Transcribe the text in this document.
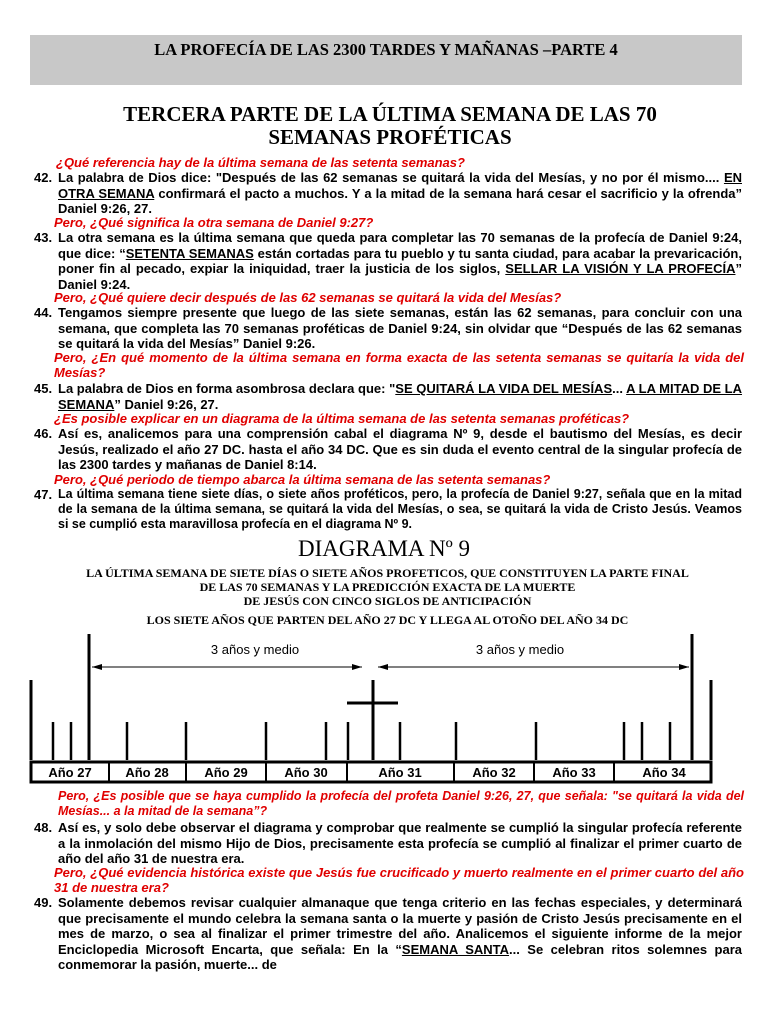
LA PROFECÍA DE LAS 2300 TARDES Y MAÑANAS –PARTE 4
TERCERA PARTE DE LA ÚLTIMA SEMANA DE LAS 70
SEMANAS PROFÉTICAS
¿Qué referencia hay de la última semana de las setenta semanas?
42. La palabra de Dios dice: "Después de las 62 semanas se quitará la vida del Mesías, y no por él mismo.... EN OTRA SEMANA confirmará el pacto a muchos. Y a la mitad de la semana hará cesar el sacrificio y la ofrenda” Daniel 9:26, 27.
Pero, ¿Qué significa la otra semana de Daniel 9:27?
43. La otra semana es la última semana que queda para completar las 70 semanas de la profecía de Daniel 9:24, que dice: “SETENTA SEMANAS están cortadas para tu pueblo y tu santa ciudad, para acabar la prevaricación, poner fin al pecado, expiar la iniquidad, traer la justicia de los siglos, SELLAR LA VISIÓN Y LA PROFECÍA” Daniel 9:24.
Pero, ¿Qué quiere decir después de las 62 semanas se quitará la vida del Mesías?
44. Tengamos siempre presente que luego de las siete semanas, están las 62 semanas, para concluir con una semana, que completa las 70 semanas proféticas de Daniel 9:24, sin olvidar que “Después de las 62 semanas se quitará la vida del Mesías” Daniel 9:26.
Pero, ¿En qué momento de la última semana en forma exacta de las setenta semanas se quitaría la vida del Mesías?
45. La palabra de Dios en forma asombrosa declara que: "SE QUITARÁ LA VIDA DEL MESÍAS... A LA MITAD DE LA SEMANA” Daniel 9:26, 27.
¿Es posible explicar en un diagrama de la última semana de las setenta semanas proféticas?
46. Así es, analicemos para una comprensión cabal el diagrama Nº 9, desde el bautismo del Mesías, es decir Jesús, realizado el año 27 DC. hasta el año 34 DC. Que es sin duda el evento central de la singular profecía de las 2300 tardes y mañanas de Daniel 8:14.
Pero, ¿Qué periodo de tiempo abarca la última semana de las setenta semanas?
47. La última semana tiene siete días, o siete años proféticos, pero, la profecía de Daniel 9:27, señala que en la mitad de la semana de la última semana, se quitará la vida del Mesías, o sea, se quitará la vida de Cristo Jesús. Veamos si se cumplió esta maravillosa profecía en el diagrama Nº 9.
DIAGRAMA Nº 9
LA ÚLTIMA SEMANA DE SIETE DÍAS O SIETE AÑOS PROFETICOS, QUE CONSTITUYEN LA PARTE FINAL
DE LAS 70 SEMANAS Y LA PREDICCIÓN EXACTA DE LA MUERTE
DE JESÚS CON CINCO SIGLOS DE ANTICIPACIÓN
LOS SIETE AÑOS QUE PARTEN DEL AÑO 27 DC Y LLEGA AL OTOÑO DEL AÑO 34 DC
3 años y medio	3 años y medio
Año 27	Año 28	Año 29	Año 30	Año 31	Año 32	Año 33	Año 34
Pero, ¿Es posible que se haya cumplido la profecía del profeta Daniel 9:26, 27, que señala: "se quitará la vida del Mesías... a la mitad de la semana”?
48. Así es, y solo debe observar el diagrama y comprobar que realmente se cumplió la singular profecía referente a la inmolación del mismo Hijo de Dios, precisamente esta profecía se cumplió al finalizar el primer cuarto de año del año 31 de nuestra era.
Pero, ¿Qué evidencia histórica existe que Jesús fue crucificado y muerto realmente en el primer cuarto del año 31 de nuestra era?
49. Solamente debemos revisar cualquier almanaque que tenga criterio en las fechas especiales, y determinará que precisamente el mundo celebra la semana santa o la muerte y pasión de Cristo Jesús precisamente en el mes de marzo, o sea al finalizar el primer trimestre del año. Analicemos el siguiente informe de la mejor Enciclopedia Microsoft Encarta, que señala: En la “SEMANA SANTA... Se celebran ritos solemnes para conmemorar la pasión, muerte... de
